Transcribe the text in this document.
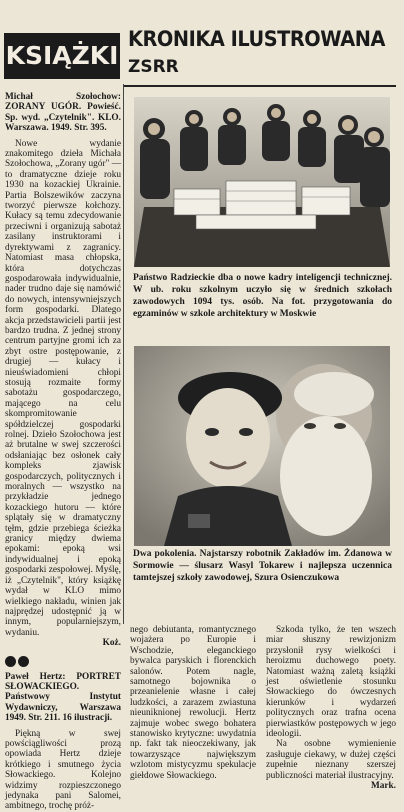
KSIĄŻKI
KRONIKA ILUSTROWANA
ZSRR
Michał Szołochow: ZORANY UGÓR. Powieść. Sp. wyd. „Czytelnik". KLO. Warszawa. 1949. Str. 395.

Nowe wydanie znakomitego dzieła Michała Szołochowa, „Zorany ugór" — to dramatyczne dzieje roku 1930 na kozackiej Ukrainie. Partia Bolszewików zaczyna tworzyć pierwsze kołchozy. Kułacy są temu zdecydowanie przeciwni i organizują sabotaż zasilany instruktorami i dyrektywami z zagranicy. Natomiast masa chłopska, która dotychczas gospodarowała indywidualnie, nader trudno daje się namówić do nowych, intensywniejszych form gospodarki. Dlatego akcja przedstawicieli partii jest bardzo trudna. Z jednej strony centrum partyjne gromi ich za zbyt ostre postępowanie, z drugiej — kułacy i nieuświadomieni chłopi stosują rozmaite formy sabotażu gospodarczego, mającego na celu skompromitowanie spółdzielczej gospodarki rolnej. Dzieło Szołochowa jest aż brutalne w swej szczerości odsłaniając bez osłonek cały kompleks zjawisk gospodarczych, politycznych i moralnych — wszystko na przykładzie jednego kozackiego hutoru — które splątały się w dramatyczny tęłm, gdzie przebiega ścieżka granicy między dwiema epokami: epoką wsi indywidualnej i epoką gospodarki zespołowej. Myślę, iż „Czytelnik", który książkę wydał w KLO mimo wielkiego nakładu, winien jak najprędzej udostępnić ją w innym, popularniejszym, wydaniu.

Koż.
Paweł Hertz: PORTRET SŁOWACKIEGO. Państwowy Instytut Wydawniczy, Warszawa 1949. Str. 211. 16 ilustracji.

Piękną w swej powściągliwości prozą opowiada Hertz dzieje krótkiego i smutnego życia Słowackiego. Kolejno widzimy rozpieszczonego jedynaka pani Salomei, ambitnego, trochę próż-

Państwo Radzieckie dba o nowe kadry inteligencji technicznej. W ub. roku szkolnym uczyło się w średnich szkołach zawodowych 1094 tys. osób. Na fot. przygotowania do egzaminów w szkole architektury w Moskwie
Dwa pokolenia. Najstarszy robotnik Zakładów im. Żdanowa w Sormowie — ślusarz Wasyl Tokarew i najlepsza uczennica tamtejszej szkoły zawodowej, Szura Osienczukowa

nego debiutanta, romantycznego wojażera po Europie i Wschodzie, eleganckiego bywalca paryskich i florenckich salonów. Potem nagle, samotnego bojownika o przeanielenie własne i całej ludzkości, a zarazem zwiastuna nieuniknionej rewolucji. Hertz zajmuje wobec swego bohatera stanowisko krytyczne: uwydatnia np. fakt tak nieoczekiwany, jak towarzyszące największym wzlotom mistycyzmu spekulacje giełdowe Słowackiego.

Szkoda tylko, że ten wszech miar słuszny rewizjonizm przysłonił rysy wielkości i heroizmu duchowego poety. Natomiast ważną zaletą książki jest oświetlenie stosunku Słowackiego do ówczesnych kierunków i wydarzeń politycznych oraz trafna ocena pierwiastków postępowych w jego ideologii.

Na osobne wymienienie zasługuje ciekawy, w dużej części zupełnie nieznany szerszej publiczności materiał ilustracyjny.

Mark.
